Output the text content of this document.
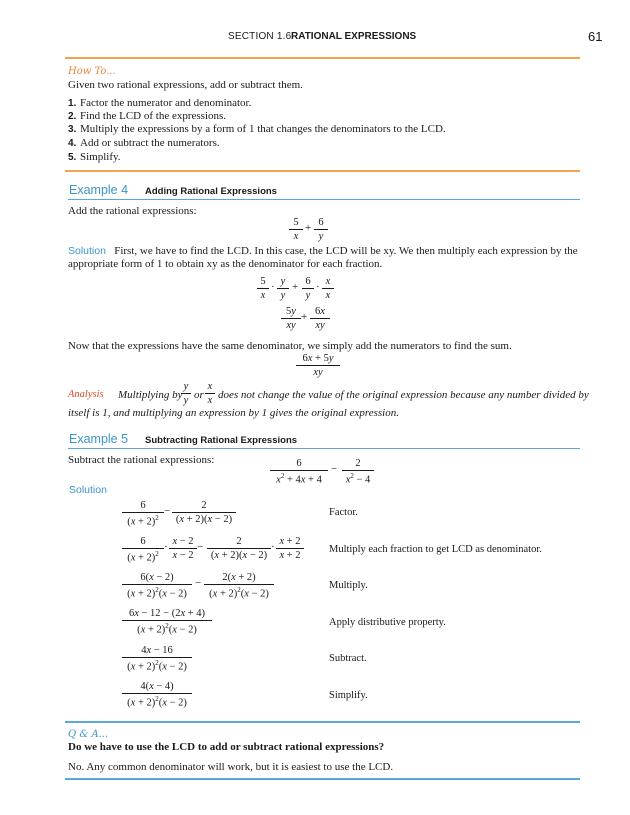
SECTION 1.6 RATIONAL EXPRESSIONS	61
How To...
Given two rational expressions, add or subtract them.
1. Factor the numerator and denominator.
2. Find the LCD of the expressions.
3. Multiply the expressions by a form of 1 that changes the denominators to the LCD.
4. Add or subtract the numerators.
5. Simplify.
Example 4 Adding Rational Expressions
Add the rational expressions:
$\frac{5}{x} + \frac{6}{y}$
Solution First, we have to find the LCD. In this case, the LCD will be xy. We then multiply each expression by the
appropriate form of 1 to obtain xy as the denominator for each fraction.
$\frac{5}{x} \cdot \frac{y}{y} + \frac{6}{y} \cdot \frac{x}{x}$
$\frac{5y}{xy} + \frac{6x}{xy}$
Now that the expressions have the same denominator, we simply add the numerators to find the sum.
$\frac{6x + 5y}{xy}$
Analysis Multiplying by
$\frac{y}{y}$ or $\frac{x}{x}$ does not change the value of the original expression because any number divided by
itself is 1, and multiplying an expression by 1 gives the original expression.
Example 5 Subtracting Rational Expressions
Subtract the rational expressions:	$\frac{6}{x^2 + 4x + 4} - \frac{2}{x^2 - 4}$
Solution
$\frac{6}{(x + 2)^2} - \frac{2}{(x + 2)(x - 2)}$	Factor.
$\frac{6}{(x + 2)^2} \cdot \frac{x - 2}{x - 2} - \frac{2}{(x + 2)(x - 2)} \cdot \frac{x + 2}{x + 2}$ Multiply each fraction to get LCD as denominator.
$\frac{6(x - 2)}{(x + 2)^2(x - 2)} - \frac{2(x + 2)}{(x + 2)^2(x - 2)}$	Multiply.
$\frac{6x - 12 - (2x + 4)}{(x + 2)^2(x - 2)}$	Apply distributive property.
$\frac{4x - 16}{(x + 2)^2(x - 2)}$	Subtract.
$\frac{4(x - 4)}{(x + 2)^2(x - 2)}$	Simplify.
Q & A...
Do we have to use the LCD to add or subtract rational expressions?
No. Any common denominator will work, but it is easiest to use the LCD.
